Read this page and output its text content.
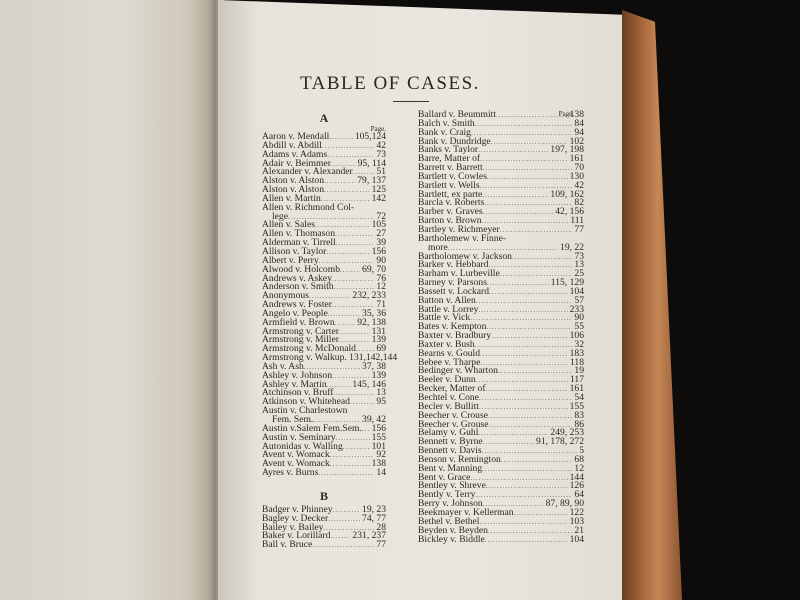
TABLE OF CASES.
A
Page.
Aaron v. Mendall .....	105,124
Abdill v. Abdill .....	42
Adams v. Adams .....	73
Adair v. Beimmer .....	95, 114
Alexander v. Alexander ..... 51
Alston v. Alston .....	79, 137
Alston v. Alston .....	125
Allen v. Martin .....	142
Allen v. Richmond Col-
lege .....	72
Allen v. Sales .....	105
Allen v. Thomason .....	27
Alderman v. Tirrell .....	39
Allison v. Taylor .....	156
Albert v. Perry .....	90
Alwood v. Holcomb ..... 69, 70
Andrews v. Askey .....	76
Anderson v. Smith .....	12
Anonymous .....	232, 233
Andrews v. Foster .....	71
Angelo v. People .....	35, 36
Armfield v. Brown ..... 92, 138
Armstrong v. Carter .....	131
Armstrong v. Miller .....	139
Armstrong v. McDonald ..... 69
Armstrong v. Walkup. 131,142,144
Ash v. Ash .....	37, 38
Ashley v. Johnson .....	139
Ashley v. Martin .....	145, 146
Atchinson v. Bruff .....	13
Atkinson v. Whitehead .....	95
Austin v. Charlestown
Fem. Sem. .....	39, 42
Austin v.Salem Fem.Sem. ..... 156
Austin v. Seminary .....	155
Autonidas v. Walling .....	101
Avent v. Womack .....	92
Avent v. Womack .....	138
Ayres v. Burns .....	14
B
Badger v. Phinney .....	19, 23
Bagley v. Decker .....	74, 77
Bailey v. Bailey .....	28
Baker v. Lorillard ..... 231, 237
Ball v. Bruce .....	77
Page.
Ballard v. Beummitt .....	138
Balch v. Smith .....	84
Bank v. Craig .....	94
Bank v. Dundridge .....	102
Banks v. Taylor .....	197, 198
Barre, Matter of .....	161
Barrett v. Barrett .....	70
Bartlett v. Cowles .....	130
Bartlett v. Wells .....	42
Bartlett, ex parte .....	109, 162
Barcla v. Roberts .....	82
Barber v. Graves .....	42, 156
Barton v. Brown .....	111
Bartley v. Richmeyer .....	77
Bartholemew v. Finne-
more .....	19, 22
Bartholomew v. Jackson .....	73
Barker v. Hebbard .....	13
Barham v. Lurbeville .....	25
Barney v. Parsons .....	115, 129
Bassett v. Lockard .....	104
Batton v. Allen .....	57
Battle v. Lorrey .....	233
Battle v. Vick .....	90
Bates v. Kempton .....	55
Baxter v. Bradbury .....	106
Baxter v. Bush .....	32
Bearns v. Gould .....	183
Bebee v. Tharpe .....	118
Bedinger v. Wharton .....	19
Beeler v. Dunn .....	117
Becker, Matter of .....	161
Bechtel v. Cone .....	54
Becler v. Bullitt .....	155
Beecher v. Crouse .....	83
Beecher v. Grouse .....	86
Belamy v. Guhl .....	249, 253
Bennett v. Byrne .....	91, 178, 272
Bennett v. Davis .....	5
Benson v. Remington .....	68
Bent v. Manning .....	12
Bent v. Grace .....	144
Bentley v. Shreve .....	126
Bently v. Terry .....	64
Berry v. Johnson .....	87, 89, 90
Beekmayer v. Kellerman .....	122
Bethel v. Bethel .....	103
Beyden v. Beyden .....	21
Bickley v. Biddle .....	104
